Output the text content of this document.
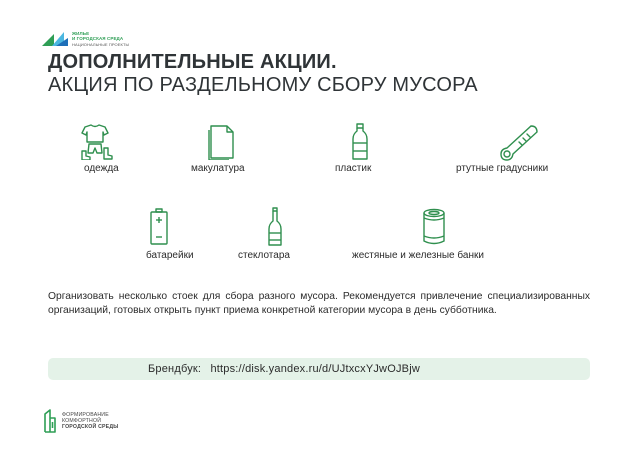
ЖИЛЬЕ
И ГОРОДСКАЯ СРЕДА
НАЦИОНАЛЬНЫЕ ПРОЕКТЫ
ДОПОЛНИТЕЛЬНЫЕ АКЦИИ.
АКЦИЯ ПО РАЗДЕЛЬНОМУ СБОРУ МУСОРА
одежда	макулатура	пластик	ртутные градусники
батарейки	стеклотара	жестяные и железные банки
Организовать несколько стоек для сбора разного мусора. Рекомендуется привлечение специализированных организаций, готовых открыть пункт приема конкретной категории мусора в день субботника.
Брендбук: https://disk.yandex.ru/d/UJtxcxYJwOJBjw
ФОРМИРОВАНИЕ
КОМФОРТНОЙ
ГОРОДСКОЙ СРЕДЫ
